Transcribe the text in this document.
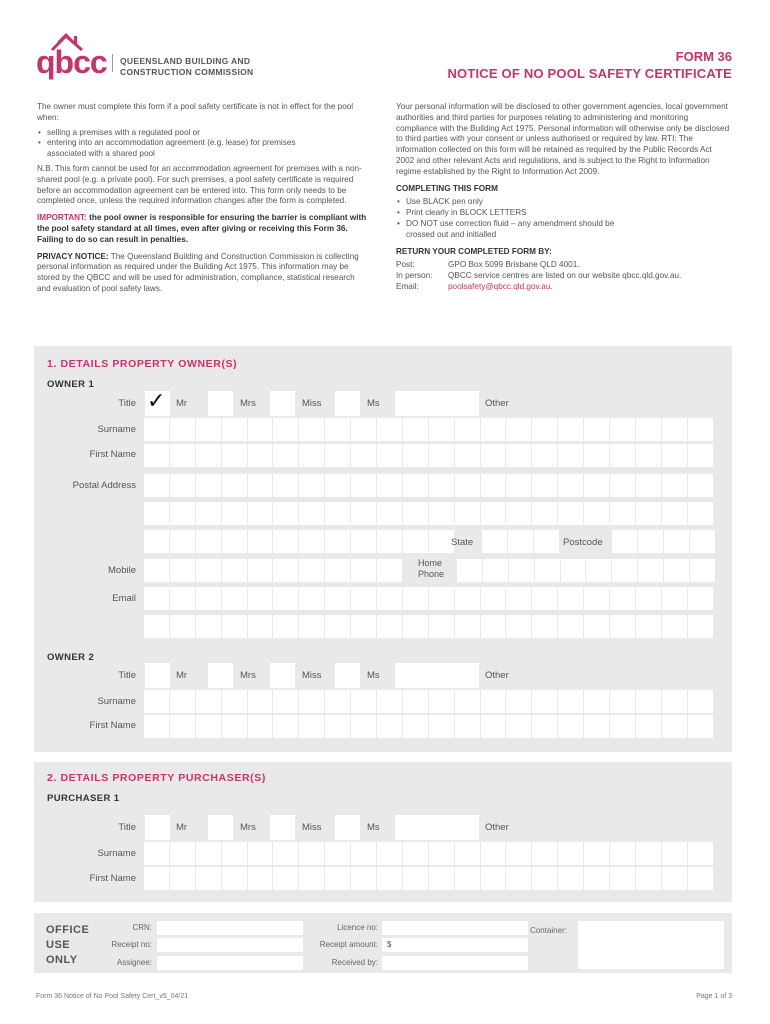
qbcc QUEENSLAND BUILDING AND
CONSTRUCTION COMMISSION
FORM 36
NOTICE OF NO POOL SAFETY CERTIFICATE

The owner must complete this form if a pool safety certificate is not in effect for the pool when:

• selling a premises with a regulated pool or
• entering into an accommodation agreement (e.g. lease) for premises associated with a shared pool

N.B. This form cannot be used for an accommodation agreement for premises with a non-shared pool (e.g. a private pool). For such premises, a pool safety certificate is required before an accommodation agreement can be entered into. This form only needs to be completed once, unless the required information changes after the form is completed.

IMPORTANT: the pool owner is responsible for ensuring the barrier is compliant with the pool safety standard at all times, even after giving or receiving this Form 36. Failing to do so can result in penalties.

PRIVACY NOTICE: The Queensland Building and Construction Commission is collecting personal information as required under the Building Act 1975. This information may be stored by the QBCC and will be used for administration, compliance, statistical research and evaluation of pool safety laws.

Your personal information will be disclosed to other government agencies, local government authorities and third parties for purposes relating to administering and monitoring compliance with the Building Act 1975. Personal information will otherwise only be disclosed to third parties with your consent or unless authorised or required by law. RTI: The information collected on this form will be retained as required by the Public Records Act 2002 and other relevant Acts and regulations, and is subject to the Right to Information regime established by the Right to Information Act 2009.

COMPLETING THIS FORM
• Use BLACK pen only
• Print clearly in BLOCK LETTERS
• DO NOT use correction fluid – any amendment should be crossed out and initialled
RETURN YOUR COMPLETED FORM BY:
Post:	GPO Box 5099 Brisbane QLD 4001.
In person:	QBCC service centres are listed on our website qbcc.qld.gov.au.
Email:	poolsafety@qbcc.qld.gov.au.
1. DETAILS PROPERTY OWNER(S)
OWNER 1
Title ✓ Mr	Mrs	Miss	Ms	Other
Surname
First Name
Postal Address
State	Postcode
Mobile
Home
Phone
Email
OWNER 2
Title	Mr	Mrs	Miss	Ms	Other
Surname
First Name
2. DETAILS PROPERTY PURCHASER(S)
PURCHASER 1
Title	Mr	Mrs	Miss	Ms	Other
Surname
First Name
OFFICE
USE
ONLY
CRN:
Receipt no:
Assignee:
Licence no:
Receipt amount: $
Received by:
Container:
Form 36 Notice of No Pool Safety Cert_v5_04/21	Page 1 of 3
